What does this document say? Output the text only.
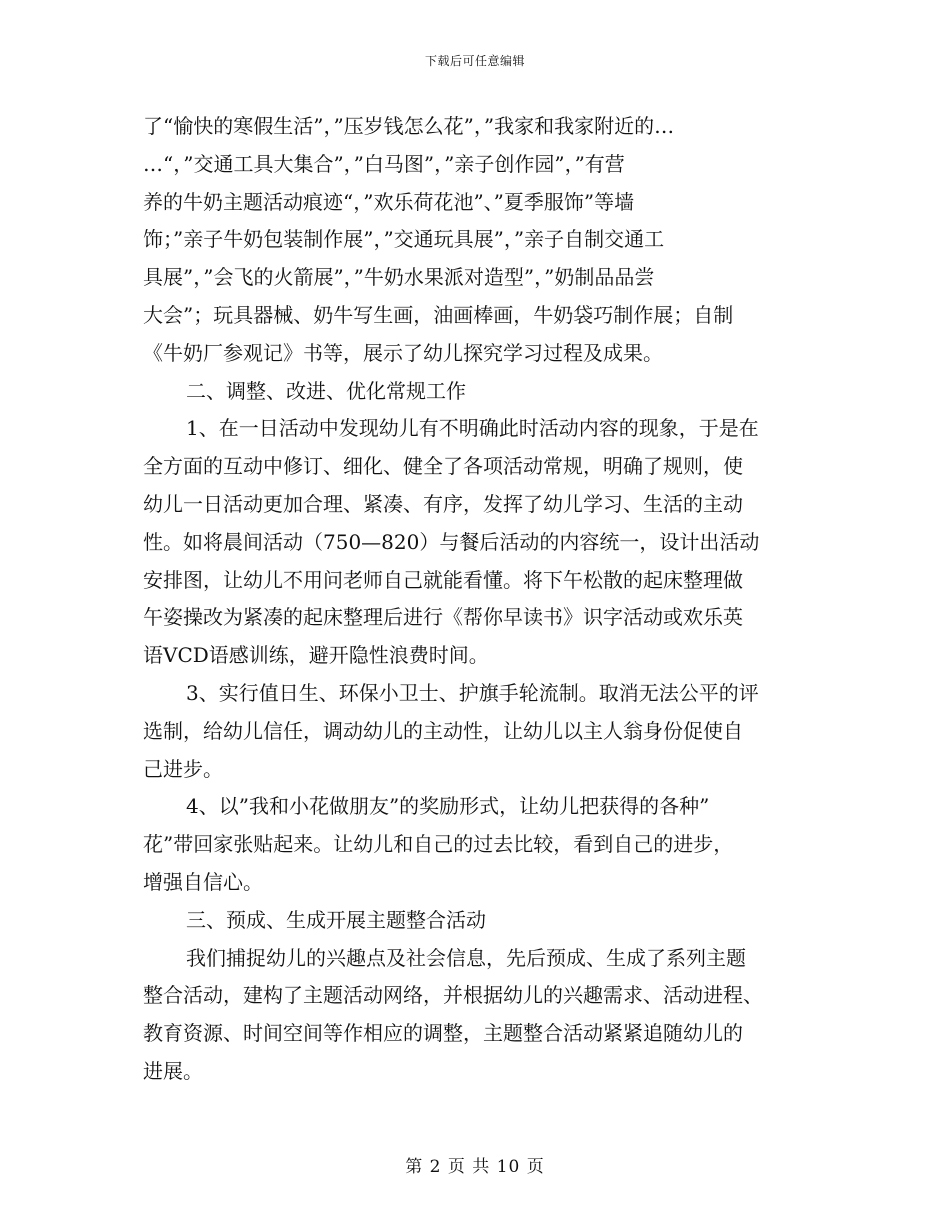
下载后可任意编辑
了“愉快的寒假生活”，”压岁钱怎么花”，”我家和我家附近的…
…“，”交通工具大集合”，”白马图”，”亲子创作园”，”有营
养的牛奶主题活动痕迹“，”欢乐荷花池”、”夏季服饰”等墙
饰；”亲子牛奶包装制作展”，”交通玩具展”，”亲子自制交通工
具展”，”会飞的火箭展”，”牛奶水果派对造型”，”奶制品品尝
大会”；玩具器械、奶牛写生画，油画棒画，牛奶袋巧制作展；自制
《牛奶厂参观记》书等，展示了幼儿探究学习过程及成果。
二、调整、改进、优化常规工作
1、在一日活动中发现幼儿有不明确此时活动内容的现象，于是在
全方面的互动中修订、细化、健全了各项活动常规，明确了规则，使
幼儿一日活动更加合理、紧凑、有序，发挥了幼儿学习、生活的主动
性。如将晨间活动（750—820）与餐后活动的内容统一，设计出活动
安排图，让幼儿不用问老师自己就能看懂。将下午松散的起床整理做
午姿操改为紧凑的起床整理后进行《帮你早读书》识字活动或欢乐英
语VCD语感训练，避开隐性浪费时间。
3、实行值日生、环保小卫士、护旗手轮流制。取消无法公平的评
选制，给幼儿信任，调动幼儿的主动性，让幼儿以主人翁身份促使自
己进步。
4、以”我和小花做朋友”的奖励形式，让幼儿把获得的各种”
花”带回家张贴起来。让幼儿和自己的过去比较，看到自己的进步，
增强自信心。
三、预成、生成开展主题整合活动
我们捕捉幼儿的兴趣点及社会信息，先后预成、生成了系列主题
整合活动，建构了主题活动网络，并根据幼儿的兴趣需求、活动进程、
教育资源、时间空间等作相应的调整，主题整合活动紧紧追随幼儿的
进展。
第 2 页 共 10 页
